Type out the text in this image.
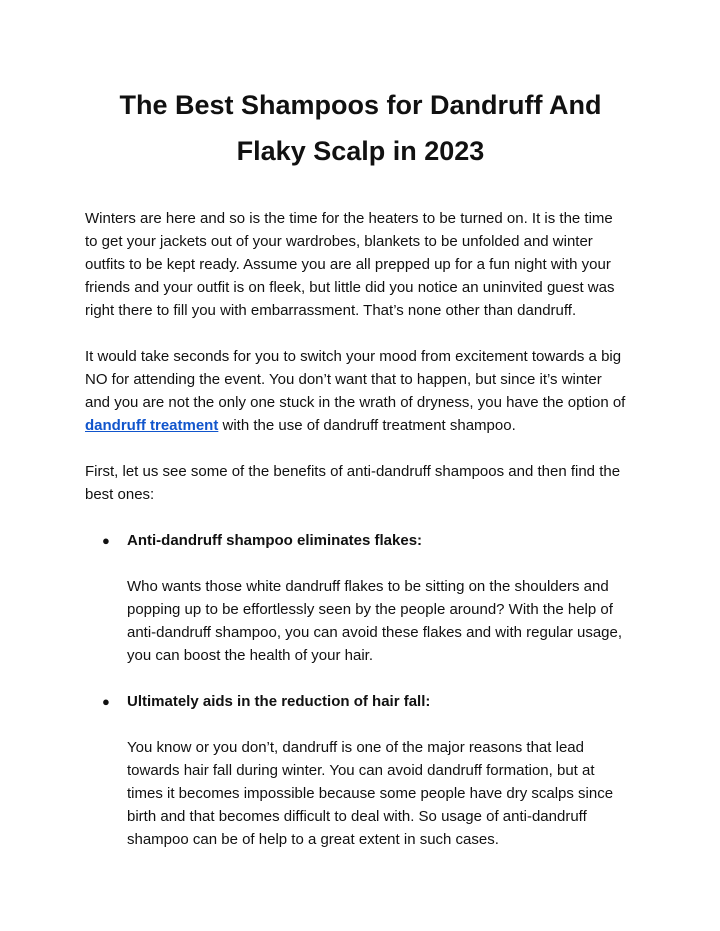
The Best Shampoos for Dandruff And
Flaky Scalp in 2023

Winters are here and so is the time for the heaters to be turned on. It is the time
to get your jackets out of your wardrobes, blankets to be unfolded and winter
outfits to be kept ready. Assume you are all prepped up for a fun night with your
friends and your outfit is on fleek, but little did you notice an uninvited guest was
right there to fill you with embarrassment. That’s none other than dandruff.

It would take seconds for you to switch your mood from excitement towards a big
NO for attending the event. You don’t want that to happen, but since it’s winter
and you are not the only one stuck in the wrath of dryness, you have the option of
dandruff treatment with the use of dandruff treatment shampoo.

First, let us see some of the benefits of anti-dandruff shampoos and then find the
best ones:

● Anti-dandruff shampoo eliminates flakes:

Who wants those white dandruff flakes to be sitting on the shoulders and
popping up to be effortlessly seen by the people around? With the help of
anti-dandruff shampoo, you can avoid these flakes and with regular usage,
you can boost the health of your hair.

● Ultimately aids in the reduction of hair fall:

You know or you don’t, dandruff is one of the major reasons that lead
towards hair fall during winter. You can avoid dandruff formation, but at
times it becomes impossible because some people have dry scalps since
birth and that becomes difficult to deal with. So usage of anti-dandruff
shampoo can be of help to a great extent in such cases.
